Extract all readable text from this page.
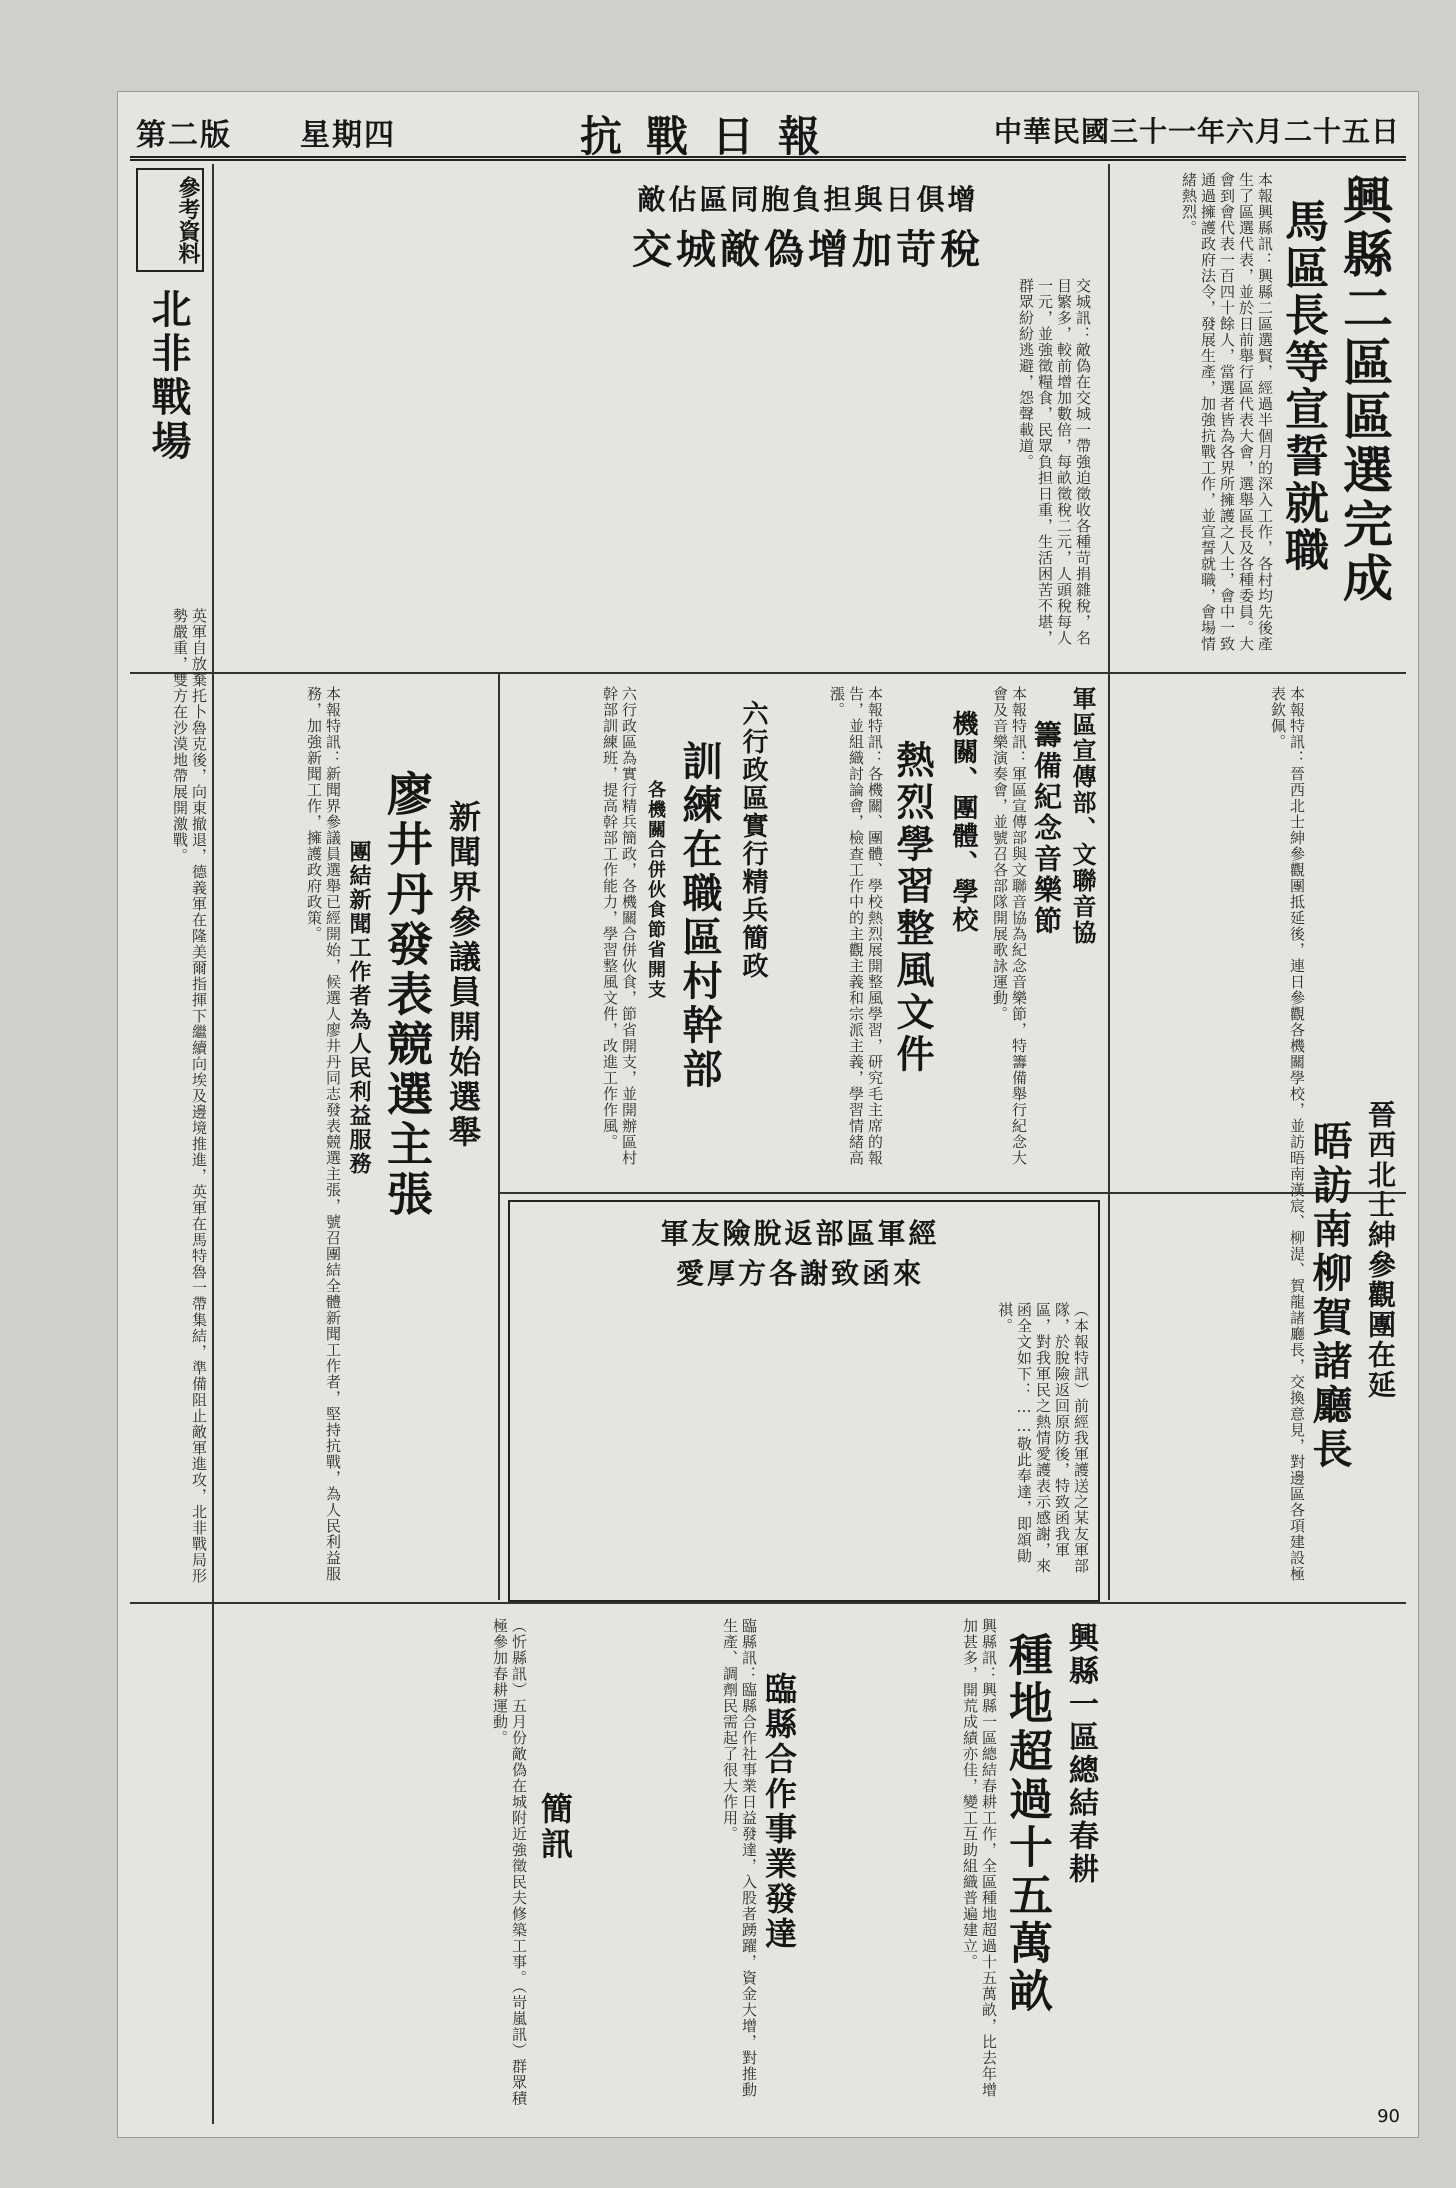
第二版 星期四	抗戰日報	中華民國三十一年六月二十五日
興縣二區區選完成
馬區長等宣誓就職
本報興縣訊：興縣二區選賢，經過半個月的深入工作，各村均先後產生了區選代表，並於日前舉行區代表大會，選舉區長及各種委員。大會到會代表一百四十餘人，當選者皆為各界所擁護之人士，會中一致通過擁護政府法令，發展生產，加強抗戰工作，並宣誓就職，會場情緒熱烈。
敵佔區同胞負担與日俱增
交城敵偽增加苛稅
交城訊：敵偽在交城一帶強迫徵收各種苛捐雜稅，名目繁多，較前增加數倍，每畝徵稅二元，人頭稅每人一元，並強徵糧食，民眾負担日重，生活困苦不堪，群眾紛紛逃避，怨聲載道。
參考資料
北非戰場
英軍自放棄托卜魯克後，向東撤退，德義軍在隆美爾指揮下繼續向埃及邊境推進，英軍在馬特魯一帶集結，準備阻止敵軍進攻，北非戰局形勢嚴重，雙方在沙漠地帶展開激戰。	六行政區實行精兵簡政
訓練在職區村幹部
各機關合併伙食節省開支
六行政區為實行精兵簡政，各機關合併伙食，節省開支，並開辦區村幹部訓練班，提高幹部工作能力，學習整風文件，改進工作作風。	機關、團體、學校
熱烈學習整風文件
本報特訊：各機關、團體、學校熱烈展開整風學習，研究毛主席的報告，並組織討論會，檢查工作中的主觀主義和宗派主義，學習情緒高漲。	軍區宣傳部、文聯音協
籌備紀念音樂節
本報特訊：軍區宣傳部與文聯音協為紀念音樂節，特籌備舉行紀念大會及音樂演奏會，並號召各部隊開展歌詠運動。
新聞界參議員開始選舉
廖井丹發表競選主張
團結新聞工作者為人民利益服務
本報特訊：新聞界參議員選舉已經開始，候選人廖井丹同志發表競選主張，號召團結全體新聞工作者，堅持抗戰，為人民利益服務，加強新聞工作，擁護政府政策。
軍友險脫返部區軍經
愛厚方各謝致函來
（本報特訊）前經我軍護送之某友軍部隊，於脫險返回原防後，特致函我軍區，對我軍民之熱情愛護表示感謝，來函全文如下：……敬此奉達，即頌勛祺。	晉西北士紳參觀團在延
晤訪南柳賀諸廳長
本報特訊：晉西北士紳參觀團抵延後，連日參觀各機關學校，並訪晤南漢宸、柳湜、賀龍諸廳長，交換意見，對邊區各項建設極表欽佩。
興縣一區總結春耕
種地超過十五萬畝
興縣訊：興縣一區總結春耕工作，全區種地超過十五萬畝，比去年增加甚多，開荒成績亦佳，變工互助組織普遍建立。
臨縣合作事業發達
臨縣訊：臨縣合作社事業日益發達，入股者踴躍，資金大增，對推動生產、調劑民需起了很大作用。
簡訊
（忻縣訊）五月份敵偽在城附近強徵民夫修築工事。（岢嵐訊）群眾積極參加春耕運動。
90
